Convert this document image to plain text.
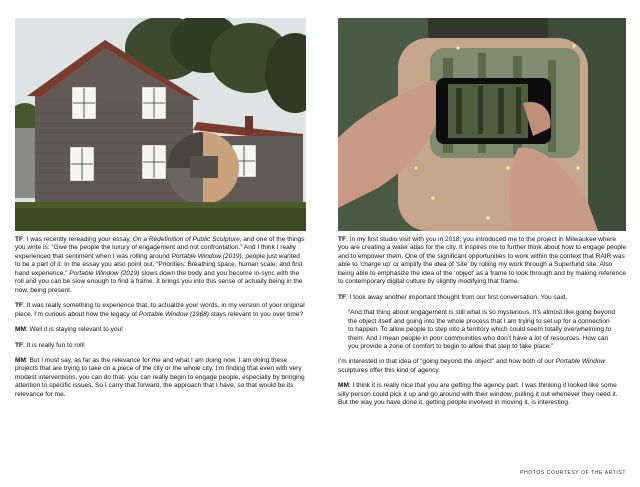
TF: I was recently rereading your essay, On a Redefinition of Public Sculpture, and one of the things you write is: “Give the people the luxury of engagement and not confrontation.” And I think I really experienced that sentiment when I was rolling around Portable Window (2019), people just wanted to be a part of it. In the essay you also point out, “Priorities: Breathing space, human scale, and first hand experience.” Portable Window (2019) slows down the body and you become in-sync with the roll and you can be slow enough to find a frame. It brings you into this sense of actually being in the now, being present.

TF: It was really something to experience that, to actualize your words, in my version of your original piece. I’m curious about how the legacy of Portable Window (1968) stays relevant to you over time?

MM: Well it is staying relevant to you!

TF: It is really fun to roll!

MM: But I must say, as far as the relevance for me and what I am doing now, I am doing these projects that are trying to take on a piece of the city or the whole city. I’m finding that even with very modest interventions, you can do that- you can really begin to engage people, especially by bringing attention to specific issues. So I carry that forward, the approach that I have, so that would be its relevance for me.

TF: In my first studio visit with you in 2018, you introduced me to the project in Milwaukee where you are creating a water atlas for the city. It inspires me to further think about how to engage people and to empower them. One of the significant opportunities to work within the context that RAIR was able to ‘charge up’ or amplify the idea of ‘site’ by rolling my work through a Superfund site. Also being able to emphasize the idea of the ‘object’ as a frame to look through and by making reference to contemporary digital culture by slightly modifying that frame.

TF: I took away another important thought from our first conversation. You said,

“And that thing about engagement is still what is so mysterious. It’s almost like going beyond the object itself and going into the whole process that I am trying to set up for a connection to happen. To allow people to step into a territory which could seem totally overwhelming to them. And I mean people in poor communities who don’t have a lot of resources. How can you provide a zone of comfort to begin to allow that step to take place.”

I’m interested in that idea of “going beyond the object” and how both of our Portable Window sculptures offer this kind of agency.

MM: I think it is really nice that you are getting the agency part. I was thinking it looked like some silly person could pick it up and go around with their window, pulling it out whenever they need it. But the way you have done it, getting people involved in moving it, is interesting.

PHOTOS COURTESY OF THE ARTIST
